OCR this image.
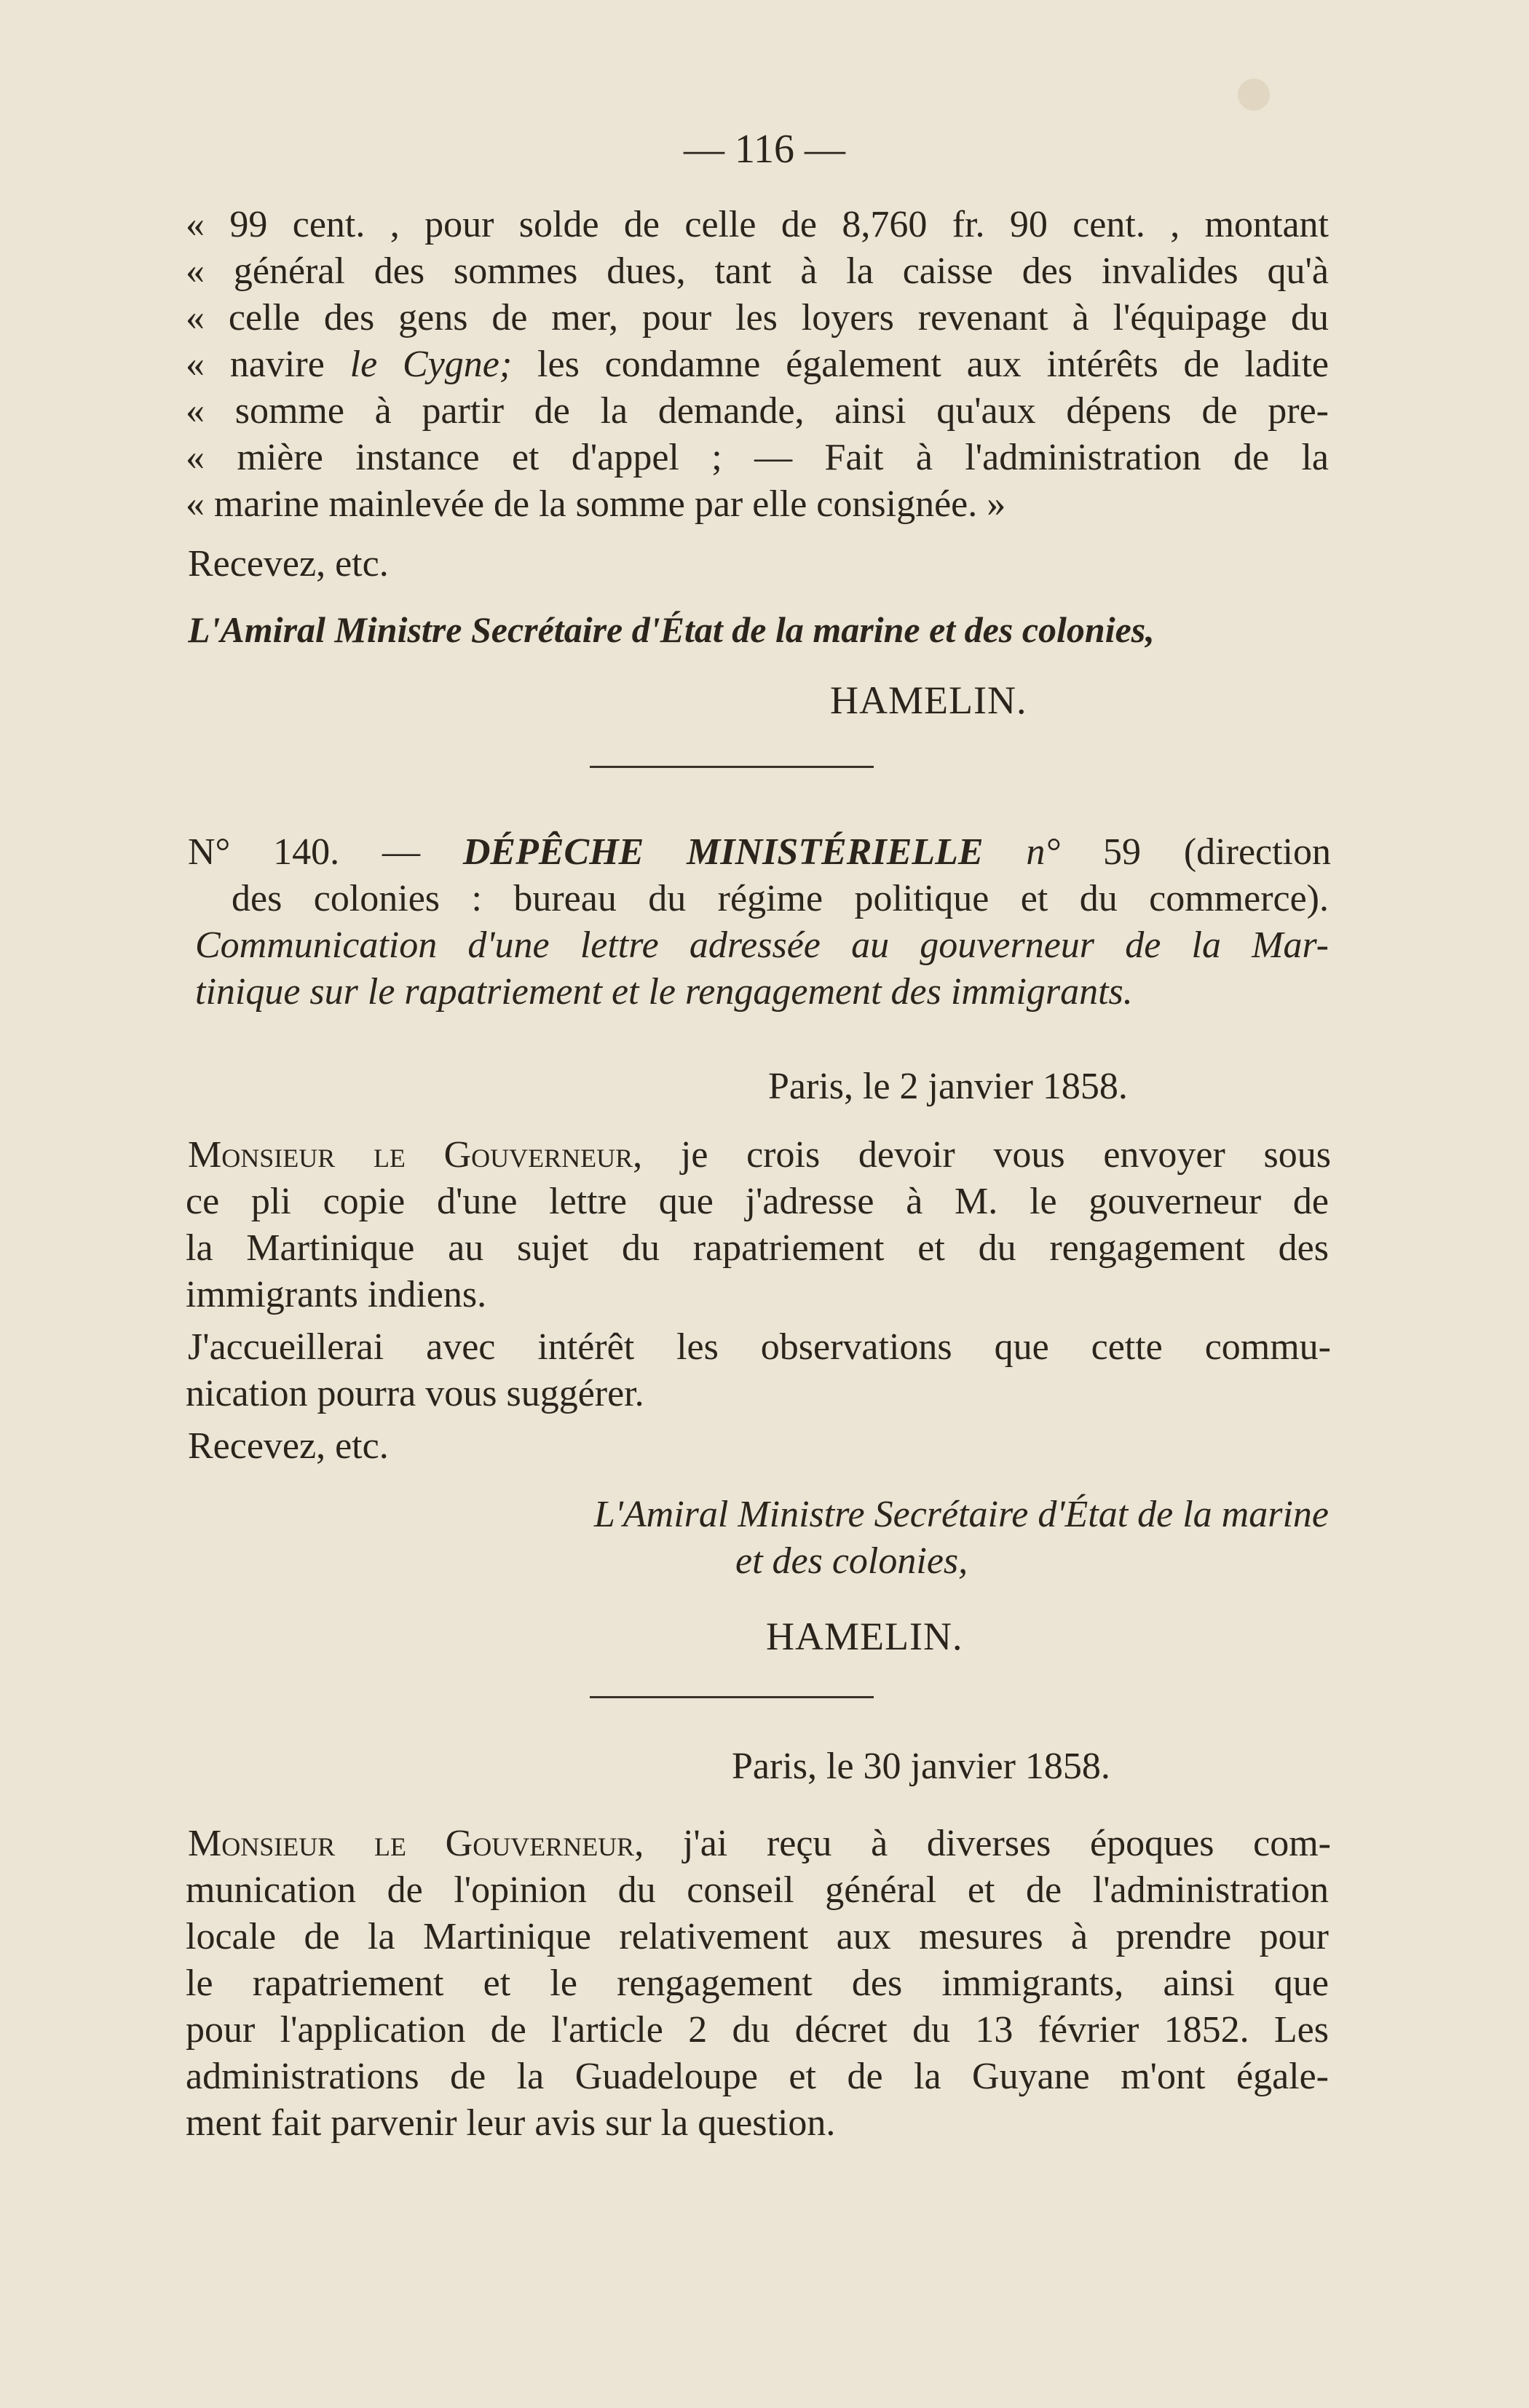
— 116 —
« 99 cent. , pour solde de celle de 8,760 fr. 90 cent. , montant
« général des sommes dues, tant à la caisse des invalides qu'à
« celle des gens de mer, pour les loyers revenant à l'équipage du
« navire le Cygne; les condamne également aux intérêts de ladite
« somme à partir de la demande, ainsi qu'aux dépens de pre-
« mière instance et d'appel ; — Fait à l'administration de la
« marine mainlevée de la somme par elle consignée. »
Recevez, etc.
L'Amiral Ministre Secrétaire d'État de la marine et des colonies,
HAMELIN.
N° 140. — DÉPÊCHE MINISTÉRIELLE n° 59 (direction
des colonies : bureau du régime politique et du commerce).
Communication d'une lettre adressée au gouverneur de la Mar-
tinique sur le rapatriement et le rengagement des immigrants.
Paris, le 2 janvier 1858.
Monsieur le Gouverneur, je crois devoir vous envoyer sous
ce pli copie d'une lettre que j'adresse à M. le gouverneur de
la Martinique au sujet du rapatriement et du rengagement des
immigrants indiens.
J'accueillerai avec intérêt les observations que cette commu-
nication pourra vous suggérer.
Recevez, etc.
L'Amiral Ministre Secrétaire d'État de la marine
et des colonies,
HAMELIN.
Paris, le 30 janvier 1858.
Monsieur le Gouverneur, j'ai reçu à diverses époques com-
munication de l'opinion du conseil général et de l'administration
locale de la Martinique relativement aux mesures à prendre pour
le rapatriement et le rengagement des immigrants, ainsi que
pour l'application de l'article 2 du décret du 13 février 1852. Les
administrations de la Guadeloupe et de la Guyane m'ont égale-
ment fait parvenir leur avis sur la question.
